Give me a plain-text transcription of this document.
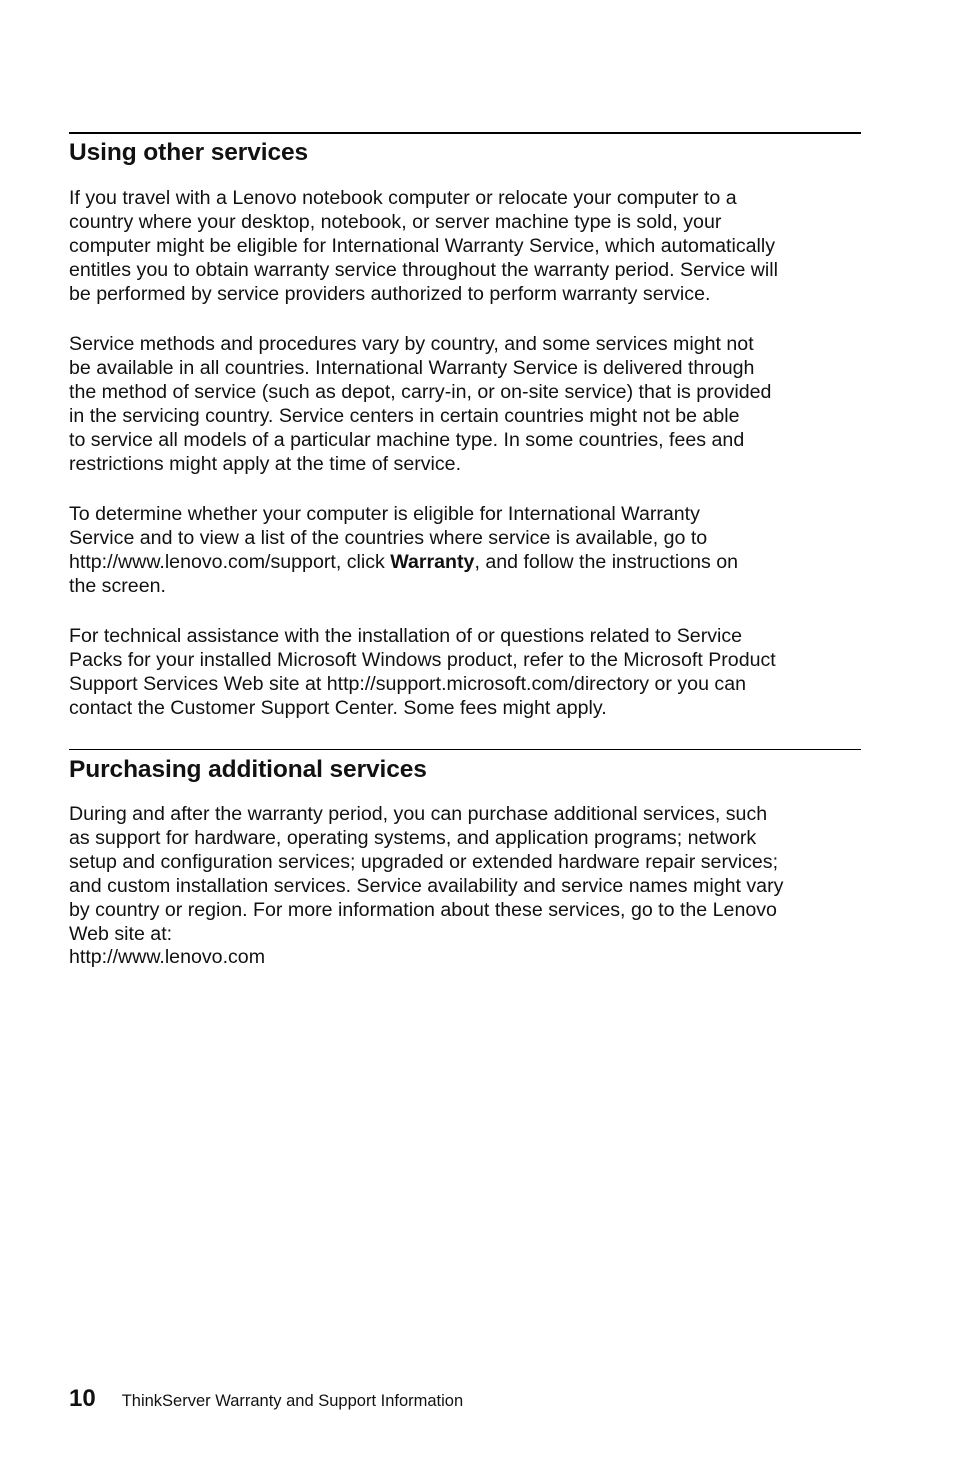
Using other services

If you travel with a Lenovo notebook computer or relocate your computer to a
country where your desktop, notebook, or server machine type is sold, your
computer might be eligible for International Warranty Service, which automatically
entitles you to obtain warranty service throughout the warranty period. Service will
be performed by service providers authorized to perform warranty service.

Service methods and procedures vary by country, and some services might not
be available in all countries. International Warranty Service is delivered through
the method of service (such as depot, carry-in, or on-site service) that is provided
in the servicing country. Service centers in certain countries might not be able
to service all models of a particular machine type. In some countries, fees and
restrictions might apply at the time of service.

To determine whether your computer is eligible for International Warranty
Service and to view a list of the countries where service is available, go to
http://www.lenovo.com/support, click Warranty, and follow the instructions on
the screen.

For technical assistance with the installation of or questions related to Service
Packs for your installed Microsoft Windows product, refer to the Microsoft Product
Support Services Web site at http://support.microsoft.com/directory or you can
contact the Customer Support Center. Some fees might apply.

Purchasing additional services

During and after the warranty period, you can purchase additional services, such
as support for hardware, operating systems, and application programs; network
setup and configuration services; upgraded or extended hardware repair services;
and custom installation services. Service availability and service names might vary
by country or region. For more information about these services, go to the Lenovo
Web site at:
http://www.lenovo.com

10 ThinkServer Warranty and Support Information
